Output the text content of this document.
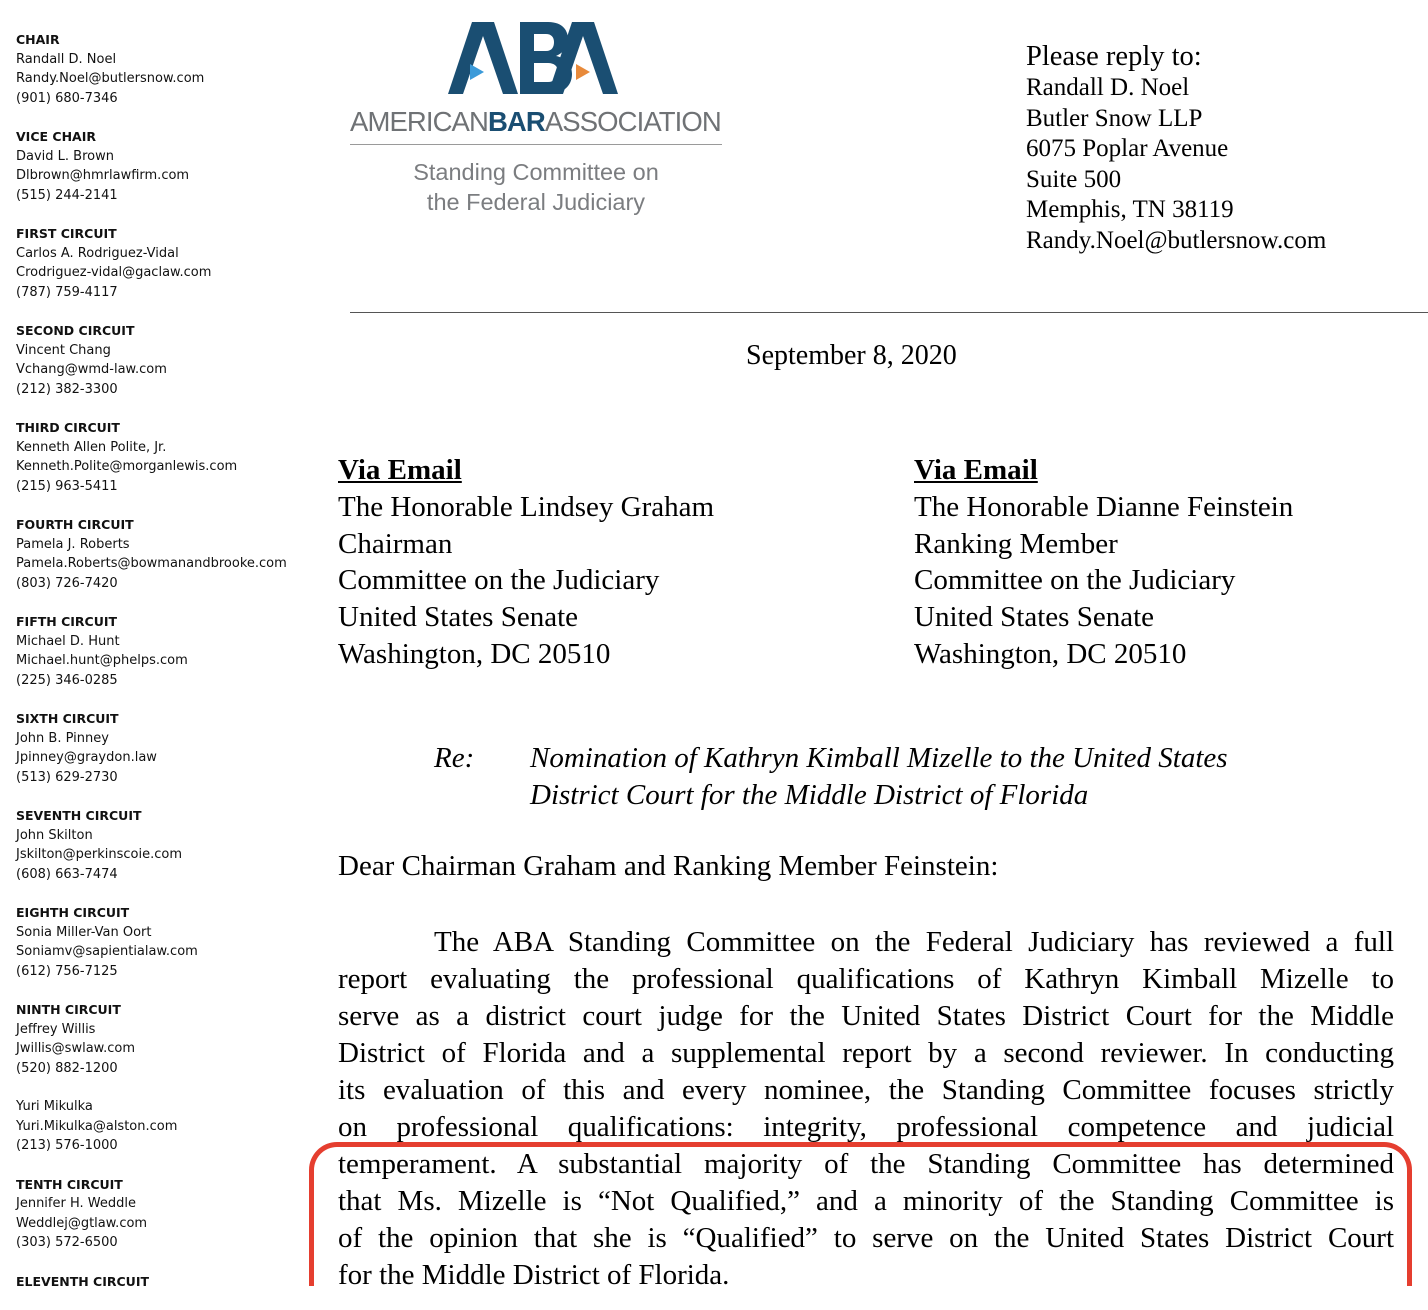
CHAIR
Randall D. Noel
Randy.Noel@butlersnow.com
(901) 680-7346
VICE CHAIR
David L. Brown
Dlbrown@hmrlawfirm.com
(515) 244-2141
FIRST CIRCUIT
Carlos A. Rodriguez-Vidal
Crodriguez-vidal@gaclaw.com
(787) 759-4117
SECOND CIRCUIT
Vincent Chang
Vchang@wmd-law.com
(212) 382-3300
THIRD CIRCUIT
Kenneth Allen Polite, Jr.
Kenneth.Polite@morganlewis.com
(215) 963-5411
FOURTH CIRCUIT
Pamela J. Roberts
Pamela.Roberts@bowmanandbrooke.com
(803) 726-7420
FIFTH CIRCUIT
Michael D. Hunt
Michael.hunt@phelps.com
(225) 346-0285
SIXTH CIRCUIT
John B. Pinney
Jpinney@graydon.law
(513) 629-2730
SEVENTH CIRCUIT
John Skilton
Jskilton@perkinscoie.com
(608) 663-7474
EIGHTH CIRCUIT
Sonia Miller-Van Oort
Soniamv@sapientialaw.com
(612) 756-7125
NINTH CIRCUIT
Jeffrey Willis
Jwillis@swlaw.com
(520) 882-1200
Yuri Mikulka
Yuri.Mikulka@alston.com
(213) 576-1000
TENTH CIRCUIT
Jennifer H. Weddle
Weddlej@gtlaw.com
(303) 572-6500
ELEVENTH CIRCUIT
AMERICANBARASSOCIATION
Standing Committee on
the Federal Judiciary
Please reply to:
Randall D. Noel
Butler Snow LLP
6075 Poplar Avenue
Suite 500
Memphis, TN 38119
Randy.Noel@butlersnow.com
September 8, 2020
Via Email
The Honorable Lindsey Graham
Chairman
Committee on the Judiciary
United States Senate
Washington, DC 20510
Via Email
The Honorable Dianne Feinstein
Ranking Member
Committee on the Judiciary
United States Senate
Washington, DC 20510
Re: Nomination of Kathryn Kimball Mizelle to the United States
District Court for the Middle District of Florida
Dear Chairman Graham and Ranking Member Feinstein:
The ABA Standing Committee on the Federal Judiciary has reviewed a full
report evaluating the professional qualifications of Kathryn Kimball Mizelle to
serve as a district court judge for the United States District Court for the Middle
District of Florida and a supplemental report by a second reviewer. In conducting
its evaluation of this and every nominee, the Standing Committee focuses strictly
on professional qualifications: integrity, professional competence and judicial
temperament. A substantial majority of the Standing Committee has determined
that Ms. Mizelle is “Not Qualified,” and a minority of the Standing Committee is
of the opinion that she is “Qualified” to serve on the United States District Court
for the Middle District of Florida.
